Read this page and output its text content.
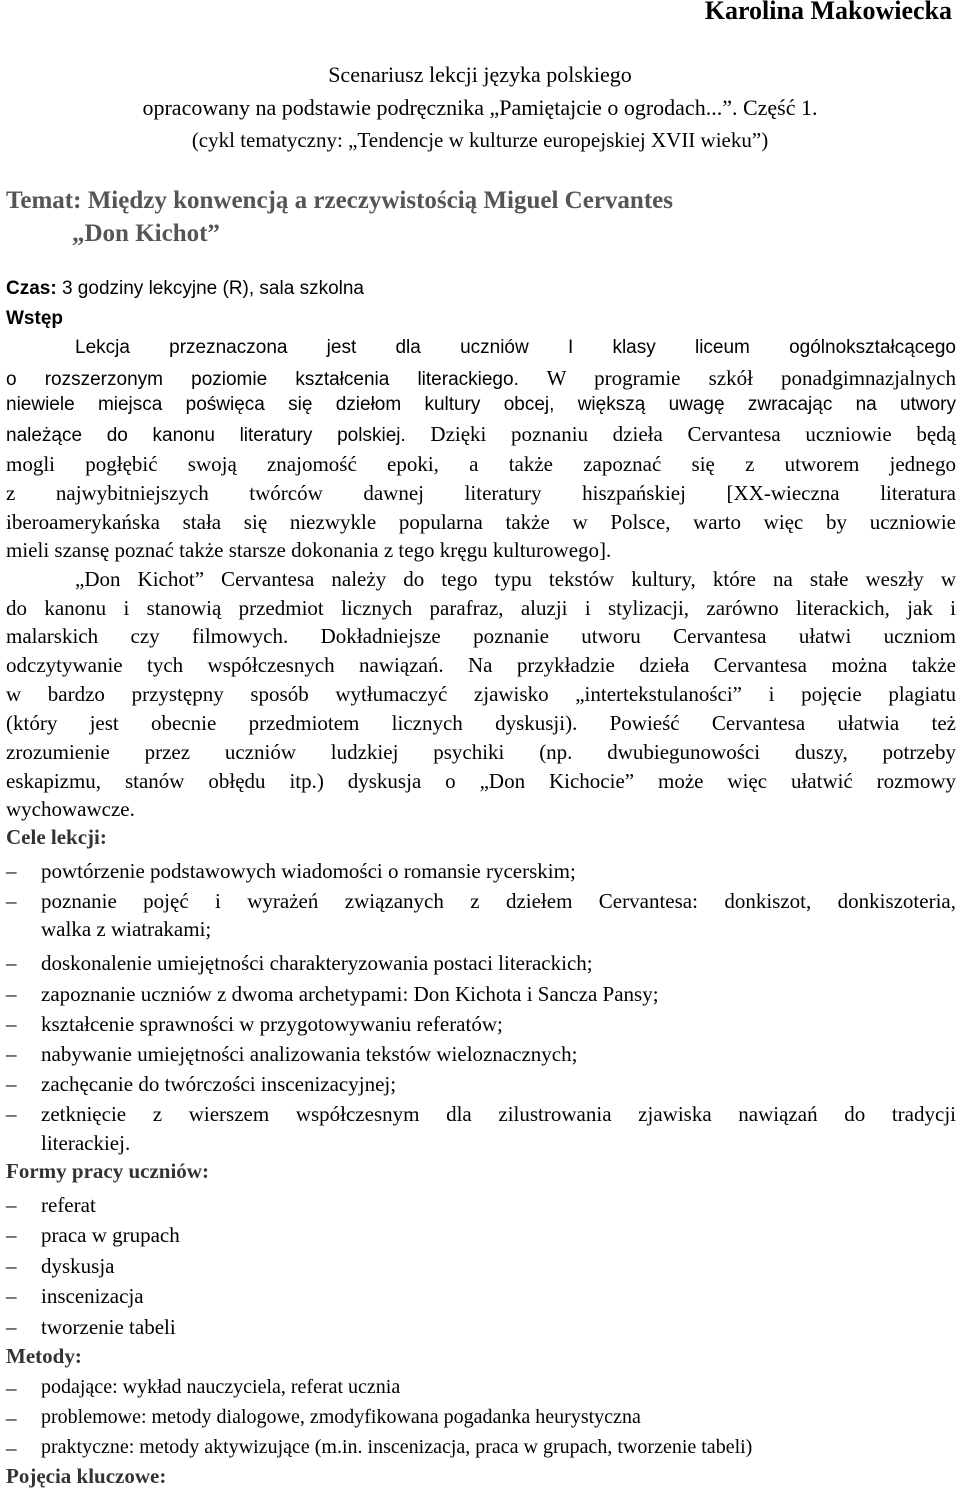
Karolina Makowiecka
Scenariusz lekcji języka polskiego
opracowany na podstawie podręcznika „Pamiętajcie o ogrodach...”. Część 1.
(cykl tematyczny: „Tendencje w kulturze europejskiej XVII wieku”)
Temat: Między konwencją a rzeczywistością Miguel Cervantes
„Don Kichot”
Czas: 3 godziny lekcyjne (R), sala szkolna
Wstęp
Lekcja przeznaczona jest dla uczniów I klasy liceum ogólnokształcącego
o rozszerzonym poziomie kształcenia literackiego. W programie szkół ponadgimnazjalnych
niewiele miejsca poświęca się dziełom kultury obcej, większą uwagę zwracając na utwory
należące do kanonu literatury polskiej. Dzięki poznaniu dzieła Cervantesa uczniowie będą
mogli pogłębić swoją znajomość epoki, a także zapoznać się z utworem jednego
z najwybitniejszych twórców dawnej literatury hiszpańskiej [XX-wieczna literatura
iberoamerykańska stała się niezwykle popularna także w Polsce, warto więc by uczniowie
mieli szansę poznać także starsze dokonania z tego kręgu kulturowego].
„Don Kichot” Cervantesa należy do tego typu tekstów kultury, które na stałe weszły w
do kanonu i stanowią przedmiot licznych parafraz, aluzji i stylizacji, zarówno literackich, jak i
malarskich czy filmowych. Dokładniejsze poznanie utworu Cervantesa ułatwi uczniom
odczytywanie tych współczesnych nawiązań. Na przykładzie dzieła Cervantesa można także
w bardzo przystępny sposób wytłumaczyć zjawisko „intertekstulaności” i pojęcie plagiatu
(który jest obecnie przedmiotem licznych dyskusji). Powieść Cervantesa ułatwia też
zrozumienie przez uczniów ludzkiej psychiki (np. dwubiegunowości duszy, potrzeby
eskapizmu, stanów obłędu itp.) dyskusja o „Don Kichocie” może więc ułatwić rozmowy
wychowawcze.
Cele lekcji:
– powtórzenie podstawowych wiadomości o romansie rycerskim;
– poznanie pojęć i wyrażeń związanych z dziełem Cervantesa: donkiszot, donkiszoteria,
walka z wiatrakami;
– doskonalenie umiejętności charakteryzowania postaci literackich;
– zapoznanie uczniów z dwoma archetypami: Don Kichota i Sancza Pansy;
– kształcenie sprawności w przygotowywaniu referatów;
– nabywanie umiejętności analizowania tekstów wieloznacznych;
– zachęcanie do twórczości inscenizacyjnej;
– zetknięcie z wierszem współczesnym dla zilustrowania zjawiska nawiązań do tradycji
literackiej.
Formy pracy uczniów:
– referat
– praca w grupach
– dyskusja
– inscenizacja
– tworzenie tabeli
Metody:
– podające: wykład nauczyciela, referat ucznia
– problemowe: metody dialogowe, zmodyfikowana pogadanka heurystyczna
– praktyczne: metody aktywizujące (m.in. inscenizacja, praca w grupach, tworzenie tabeli)
Pojęcia kluczowe:
